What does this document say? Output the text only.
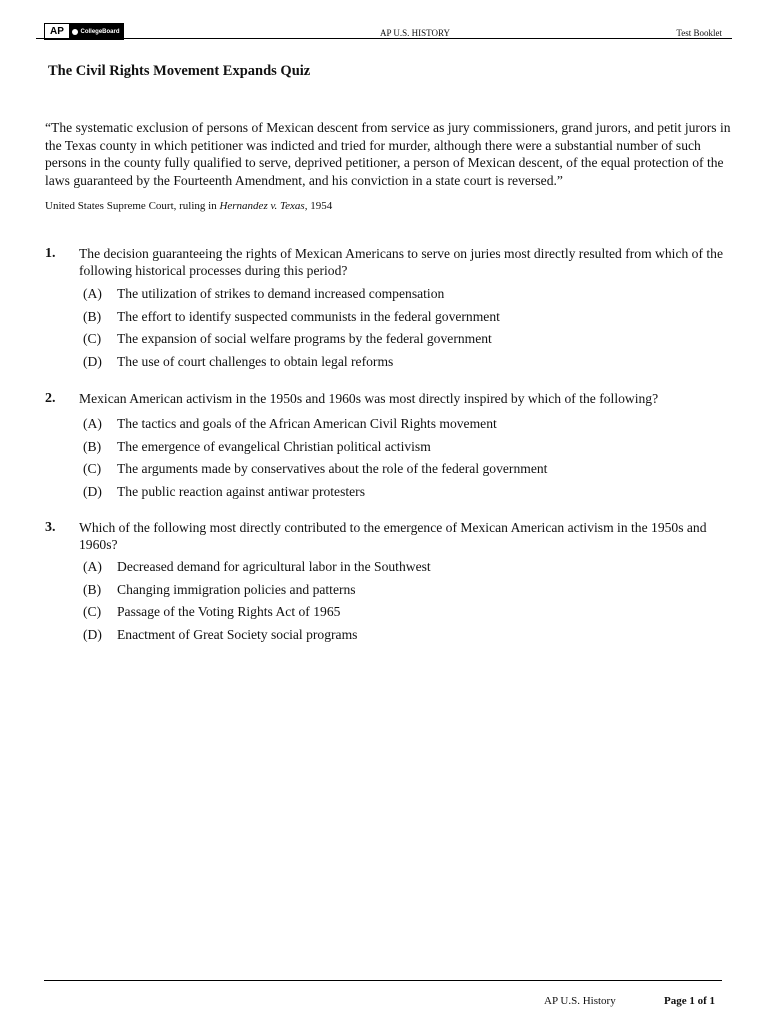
AP	CollegeBoard	AP U.S. HISTORY	Test Booklet
The Civil Rights Movement Expands Quiz
“The systematic exclusion of persons of Mexican descent from service as jury commissioners, grand jurors, and petit jurors in the Texas county in which petitioner was indicted and tried for murder, although there were a substantial number of such persons in the county fully qualified to serve, deprived petitioner, a person of Mexican descent, of the equal protection of the laws guaranteed by the Fourteenth Amendment, and his conviction in a state court is reversed.”
United States Supreme Court, ruling in Hernandez v. Texas, 1954
1. The decision guaranteeing the rights of Mexican Americans to serve on juries most directly resulted from which of the following historical processes during this period?
(A) The utilization of strikes to demand increased compensation
(B) The effort to identify suspected communists in the federal government
(C) The expansion of social welfare programs by the federal government
(D) The use of court challenges to obtain legal reforms
2. Mexican American activism in the 1950s and 1960s was most directly inspired by which of the following?
(A) The tactics and goals of the African American Civil Rights movement
(B) The emergence of evangelical Christian political activism
(C) The arguments made by conservatives about the role of the federal government
(D) The public reaction against antiwar protesters
3. Which of the following most directly contributed to the emergence of Mexican American activism in the 1950s and 1960s?
(A) Decreased demand for agricultural labor in the Southwest
(B) Changing immigration policies and patterns
(C) Passage of the Voting Rights Act of 1965
(D) Enactment of Great Society social programs
AP U.S. History	Page 1 of 1
